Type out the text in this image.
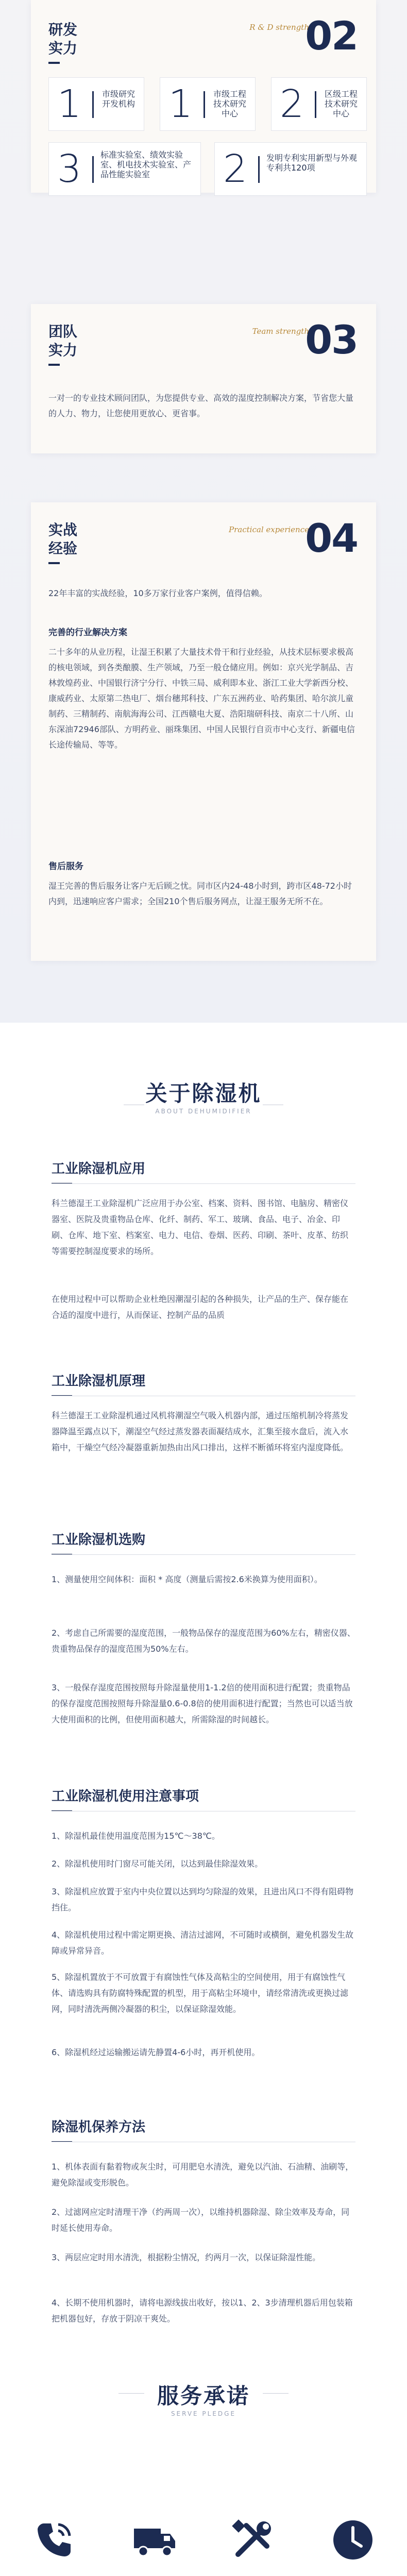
研发
实力
R & D strength
02
1	市级研究开发机构 1	市级工程技术研究中心	2	区级工程技术研究中心
3 标准实验室、绩效实验室、机电技术实验室、产品性能实验室	2 发明专利实用新型与外观专利共120项
团队
实力
Team strength
03
一对一的专业技术顾问团队，为您提供专业、高效的湿度控制解决方案，节省您大量的人力、物力，让您使用更放心、更省事。
实战
经验
Practical experience
04
22年丰富的实战经验，10多万家行业客户案例，值得信赖。
完善的行业解决方案
二十多年的从业历程，让湿王积累了大量技术骨干和行业经验，从技术层标要求极高的核电领域，到各类酿膜、生产领域，乃至一般仓储应用。例如：京兴光学制品、吉林敦煌药业、中国银行济宁分行、中铁三局、威利即本业、浙江工业大学新西分校、康威药业、太原第二热电厂、烟台穗邦科技、广东五洲药业、哈药集团、哈尔滨儿童制药、三精制药、南航海海公司、江西赣电大夏、浩阳瑞研科技、南京二十八所、山东深油72946部队、方明药业、丽珠集团、中国人民银行自贡市中心支行、新疆电信长途传输局、等等。
售后服务
湿王完善的售后服务让客户无后顾之忧。同市区内24-48小时到，跨市区48-72小时内到，迅速响应客户需求；全国210个售后服务网点，让湿王服务无所不在。
关于除湿机
ABOUT DEHUMIDIFIER
工业除湿机应用
科兰德湿王工业除湿机广泛应用于办公室、档案、资料、图书馆、电脑房、精密仪器室、医院及贵重物品仓库、化纤、制药、军工、玻璃、食品、电子、冶金、印刷、仓库、地下室、档案室、电力、电信、卷烟、医药、印刷、茶叶、皮革、纺织等需要控制湿度要求的场所。
在使用过程中可以帮助企业杜绝因潮湿引起的各种损失，让产品的生产、保存能在合适的湿度中进行，从而保证、控制产品的品质
工业除湿机原理
科兰德湿王工业除湿机通过风机将潮湿空气吸入机器内部，通过压缩机制冷将蒸发器降温至露点以下，潮湿空气经过蒸发器表面凝结成水，汇集至接水盘后，流入水箱中，干燥空气经冷凝器重新加热由出风口排出，这样不断循环将室内湿度降低。
工业除湿机选购
1、测量使用空间体积：面积 * 高度（测量后需按2.6米换算为使用面积）。
2、考虑自己所需要的湿度范围，一般物品保存的湿度范围为60%左右，精密仪器、贵重物品保存的湿度范围为50%左右。
3、一般保存湿度范围按照每升除湿量使用1-1.2倍的使用面积进行配置；贵重物品的保存湿度范围按照每升除湿量0.6-0.8倍的使用面积进行配置；当然也可以适当放大使用面积的比例，但使用面积越大，所需除湿的时间越长。
工业除湿机使用注意事项
1、除湿机最佳使用温度范围为15℃～38℃。
2、除湿机使用时门窗尽可能关闭，以达到最佳除湿效果。
3、除湿机应放置于室内中央位置以达到均匀除湿的效果，且进出风口不得有阻碍物挡住。
4、除湿机使用过程中需定期更换、清洁过滤网，不可随时或横倒，避免机器发生故障或异常异音。
5、除湿机置放于不可放置于有腐蚀性气体及高粘尘的空间使用，用于有腐蚀性气体、请选购具有防腐特殊配置的机型，用于高粘尘环境中，请经常清洗或更换过滤网，同时清洗两侧冷凝器的积尘，以保证除湿效能。
6、除湿机经过运输搬运请先静置4-6小时，再开机使用。
除湿机保养方法
1、机体表面有黏着物或灰尘时，可用肥皂水清洗，避免以汽油、石油精、油刷等，避免除湿或变形脱色。
2、过滤网应定时清理干净（约两周一次），以维持机器除湿、除尘效率及寿命，同时延长使用寿命。
3、两层应定时用水清洗，根据粉尘情况，约两月一次，以保证除湿性能。
4、长期不使用机器时，请将电源线拔出收好，按以1、2、3步清理机器后用包装箱把机器包好，存放于阴凉干爽处。
服务承诺
SERVE PLEDGE
